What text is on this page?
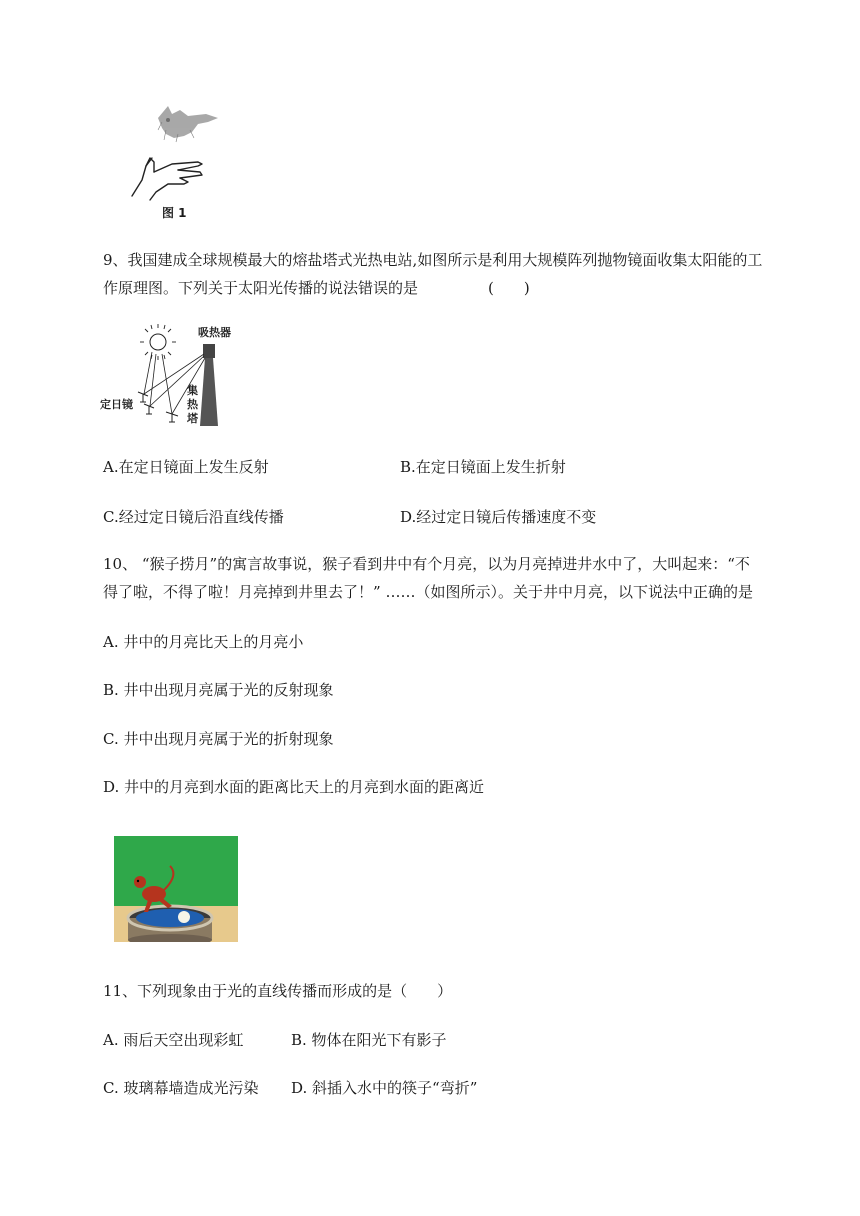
图 1
9、我国建成全球规模最大的熔盐塔式光热电站,如图所示是利用大规模阵列抛物镜面收集太阳能的工
作原理图。下列关于太阳光传播的说法错误的是	(　　)
吸热器
定日镜
集
热
塔
A.在定日镜面上发生反射	B.在定日镜面上发生折射
C.经过定日镜后沿直线传播	D.经过定日镜后传播速度不变
10、 “猴子捞月”的寓言故事说，猴子看到井中有个月亮，以为月亮掉进井水中了，大叫起来：“不
得了啦，不得了啦！月亮掉到井里去了！” ……（如图所示）。关于井中月亮，以下说法中正确的是
A. 井中的月亮比天上的月亮小
B. 井中出现月亮属于光的反射现象
C. 井中出现月亮属于光的折射现象
D. 井中的月亮到水面的距离比天上的月亮到水面的距离近
11、下列现象由于光的直线传播而形成的是（　　）
A. 雨后天空出现彩虹	B. 物体在阳光下有影子
C. 玻璃幕墙造成光污染 D. 斜插入水中的筷子“弯折”
